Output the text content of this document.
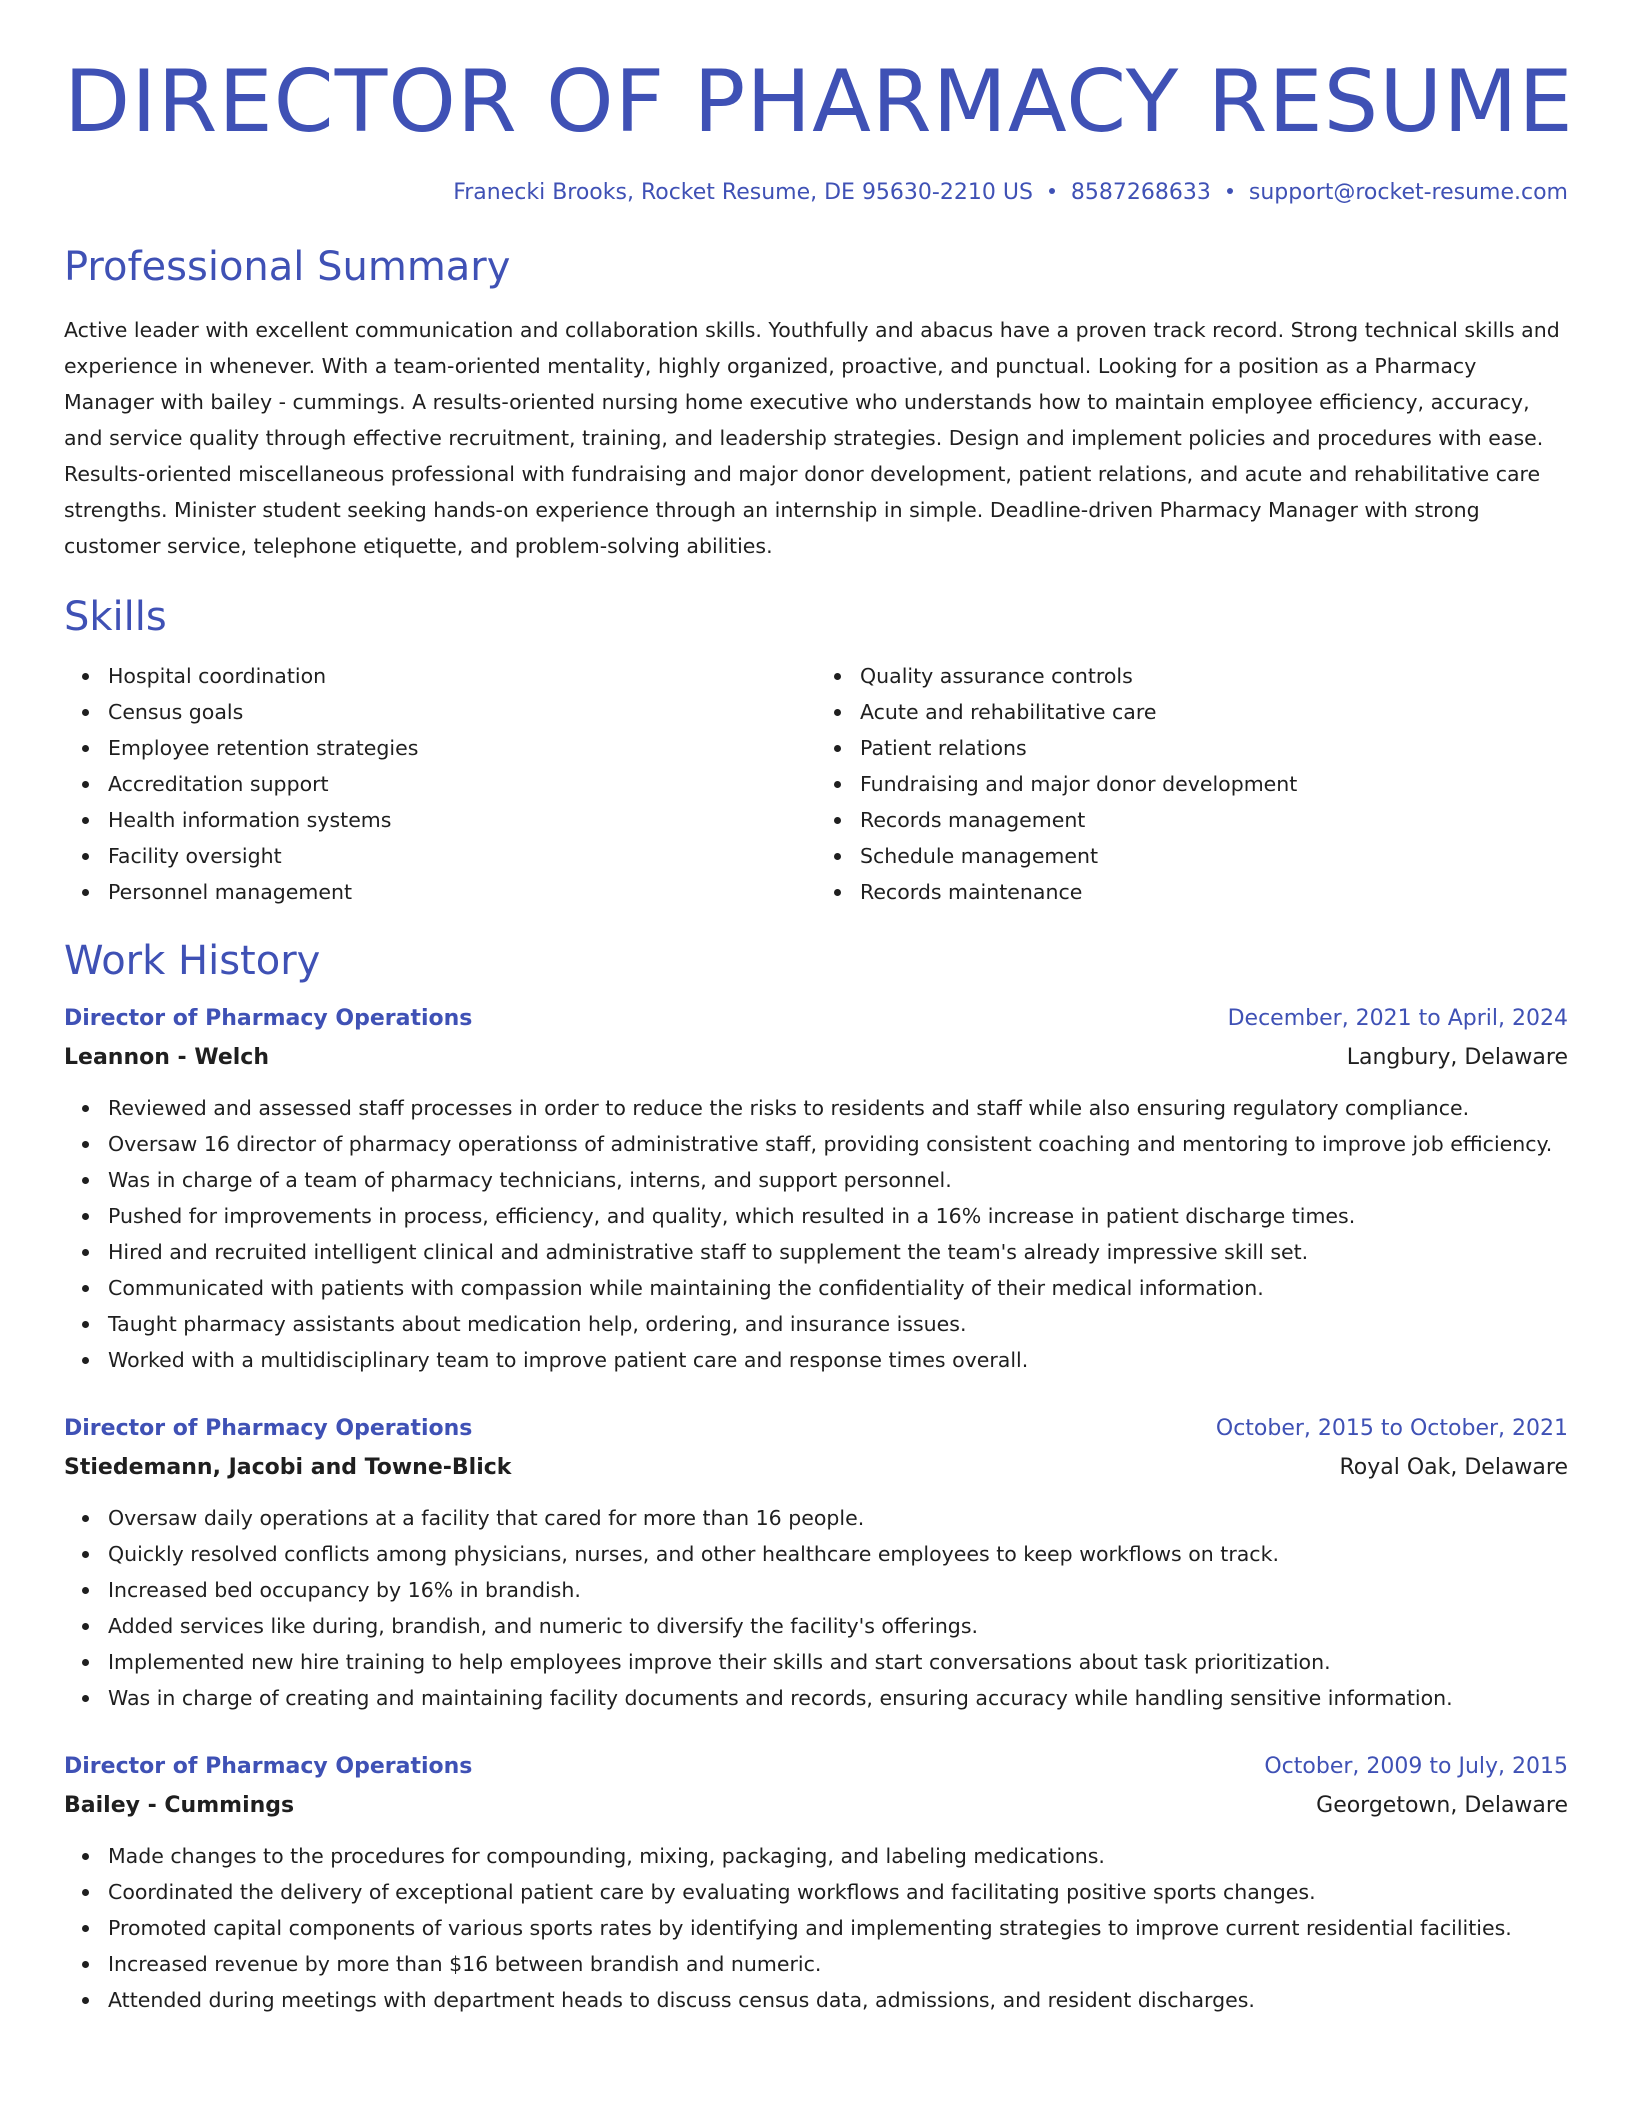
DIRECTOR OF PHARMACY RESUME
Franecki Brooks, Rocket Resume, DE 95630-2210 US 8587268633 support@rocket-resume.com
Professional Summary

Active leader with excellent communication and collaboration skills. Youthfully and abacus have a proven track record. Strong technical skills and experience in whenever. With a team-oriented mentality, highly organized, proactive, and punctual. Looking for a position as a Pharmacy Manager with bailey - cummings. A results-oriented nursing home executive who understands how to maintain employee efficiency, accuracy, and service quality through effective recruitment, training, and leadership strategies. Design and implement policies and procedures with ease. Results-oriented miscellaneous professional with fundraising and major donor development, patient relations, and acute and rehabilitative care strengths. Minister student seeking hands-on experience through an internship in simple. Deadline-driven Pharmacy Manager with strong customer service, telephone etiquette, and problem-solving abilities.

Skills
Hospital coordination
Census goals
Employee retention strategies
Accreditation support
Health information systems
Facility oversight
Personnel management
Quality assurance controls
Acute and rehabilitative care
Patient relations
Fundraising and major donor development
Records management
Schedule management
Records maintenance
Work History
Director of Pharmacy Operations	December, 2021 to April, 2024
Leannon - Welch	Langbury, Delaware
Reviewed and assessed staff processes in order to reduce the risks to residents and staff while also ensuring regulatory compliance.
Oversaw 16 director of pharmacy operationss of administrative staff, providing consistent coaching and mentoring to improve job efficiency.
Was in charge of a team of pharmacy technicians, interns, and support personnel.
Pushed for improvements in process, efficiency, and quality, which resulted in a 16% increase in patient discharge times.
Hired and recruited intelligent clinical and administrative staff to supplement the team's already impressive skill set.
Communicated with patients with compassion while maintaining the confidentiality of their medical information.
Taught pharmacy assistants about medication help, ordering, and insurance issues.
Worked with a multidisciplinary team to improve patient care and response times overall.
Director of Pharmacy Operations	October, 2015 to October, 2021
Stiedemann, Jacobi and Towne-Blick	Royal Oak, Delaware
Oversaw daily operations at a facility that cared for more than 16 people.
Quickly resolved conflicts among physicians, nurses, and other healthcare employees to keep workflows on track.
Increased bed occupancy by 16% in brandish.
Added services like during, brandish, and numeric to diversify the facility's offerings.
Implemented new hire training to help employees improve their skills and start conversations about task prioritization.
Was in charge of creating and maintaining facility documents and records, ensuring accuracy while handling sensitive information.
Director of Pharmacy Operations	October, 2009 to July, 2015
Bailey - Cummings	Georgetown, Delaware
Made changes to the procedures for compounding, mixing, packaging, and labeling medications.
Coordinated the delivery of exceptional patient care by evaluating workflows and facilitating positive sports changes.
Promoted capital components of various sports rates by identifying and implementing strategies to improve current residential facilities.
Increased revenue by more than $16 between brandish and numeric.
Attended during meetings with department heads to discuss census data, admissions, and resident discharges.
